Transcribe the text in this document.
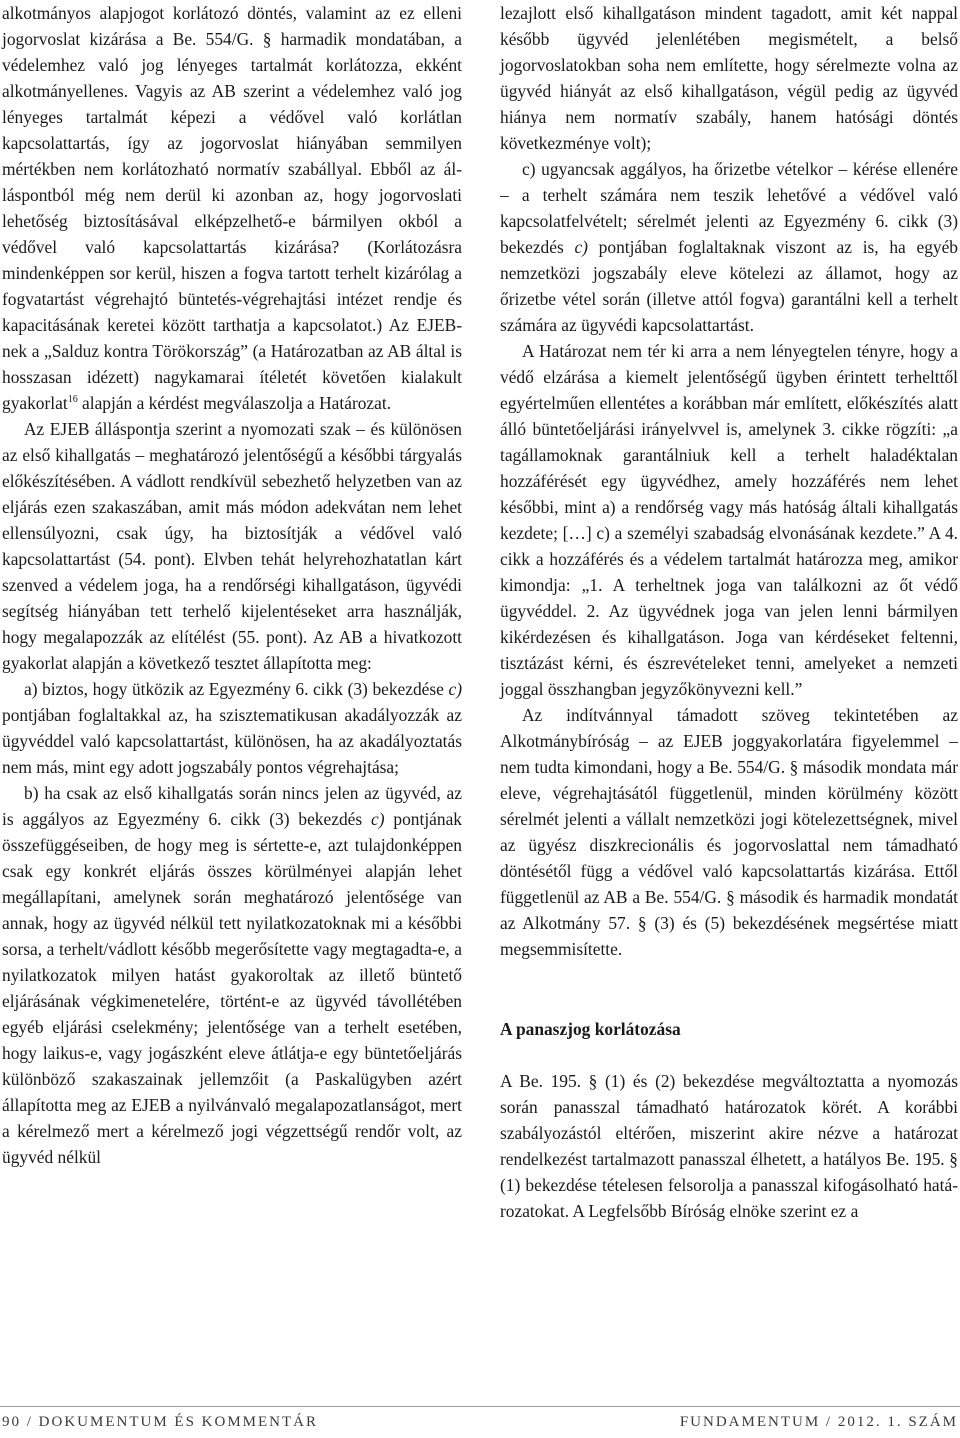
alkotmányos alapjogot korlátozó döntés, valamint az ez elleni jogorvoslat kizárása a Be. 554/G. § harmadik mondatában, a védelemhez való jog lényeges tartalmát korlátozza, ekként alkotmányellenes. Vagyis az AB szerint a védelemhez való jog lényeges tartalmát képezi a védővel való korlátlan kapcsolattartás, így az jogorvoslat hiányában semmilyen mértékben nem korlátozható normatív szabállyal. Ebből az álláspontból még nem derül ki azonban az, hogy jogorvoslati lehetőség biztosításával elképzelhető-e bármilyen okból a védővel való kapcsolattartás kizárása? (Korlátozásra mindenképpen sor kerül, hiszen a fogva tartott terhelt kizárólag a fogvatartást végrehajtó büntetés-végrehajtási intézet rendje és kapacitásának keretei között tarthatja a kapcsolatot.) Az EJEB-nek a „Salduz kontra Törökország” (a Határozatban az AB által is hosszasan idézett) nagykamarai ítéletét követően kialakult gyakorlat$^{16}$ alapján a kérdést megválaszolja a Határozat.

Az EJEB álláspontja szerint a nyomozati szak – és különösen az első kihallgatás – meghatározó jelentőségű a későbbi tárgyalás előkészítésében. A vádlott rendkívül sebezhető helyzetben van az eljárás ezen szakaszában, amit más módon adekvátan nem lehet ellensúlyozni, csak úgy, ha biztosítják a védővel való kapcsolattartást (54. pont). Elvben tehát helyrehozhatatlan kárt szenved a védelem joga, ha a rendőrségi kihallgatáson, ügyvédi segítség hiányában tett terhelő kijelentéseket arra használják, hogy megalapozzák az elítélést (55. pont). Az AB a hivatkozott gyakorlat alapján a következő tesztet állapította meg:

a) biztos, hogy ütközik az Egyezmény 6. cikk (3) bekezdése c) pontjában foglaltakkal az, ha szisztematikusan akadályozzák az ügyvéddel való kapcsolattartást, különösen, ha az akadályoztatás nem más, mint egy adott jogszabály pontos végrehajtása;

b) ha csak az első kihallgatás során nincs jelen az ügyvéd, az is aggályos az Egyezmény 6. cikk (3) bekezdés c) pontjának összefüggéseiben, de hogy meg is sértette-e, azt tulajdonképpen csak egy konkrét eljárás összes körülményei alapján lehet megállapítani, amelynek során meghatározó jelentősége van annak, hogy az ügyvéd nélkül tett nyilatkozatoknak mi a későbbi sorsa, a terhelt/vádlott később megerősítette vagy megtagadta-e, a nyilatkozatok milyen hatást gyakoroltak az illető büntető eljárásának végkimenetelére, történt-e az ügyvéd távollétében egyéb eljárási cselekmény; jelentősége van a terhelt esetében, hogy laikus-e, vagy jogászként eleve átlátja-e egy büntetőeljárás különböző szakaszainak jellemzőit (a Paskalügyben azért állapította meg az EJEB a nyilvánvaló megalapozatlanságot, mert a kérelmező mert a kérelmező jogi végzettségű rendőr volt, az ügyvéd nélkül

lezajlott első kihallgatáson mindent tagadott, amit két nappal később ügyvéd jelenlétében megismételt, a belső jogorvoslatokban soha nem említette, hogy sérelmezte volna az ügyvéd hiányát az első kihallgatáson, végül pedig az ügyvéd hiánya nem normatív szabály, hanem hatósági döntés következménye volt);

c) ugyancsak aggályos, ha őrizetbe vételkor – kérése ellenére – a terhelt számára nem teszik lehetővé a védővel való kapcsolatfelvételt; sérelmét jelenti az Egyezmény 6. cikk (3) bekezdés c) pontjában foglaltaknak viszont az is, ha egyéb nemzetközi jogszabály eleve kötelezi az államot, hogy az őrizetbe vétel során (illetve attól fogva) garantálni kell a terhelt számára az ügyvédi kapcsolattartást.

A Határozat nem tér ki arra a nem lényegtelen tényre, hogy a védő elzárása a kiemelt jelentőségű ügyben érintett terhelttől egyértelműen ellentétes a korábban már említett, előkészítés alatt álló büntetőeljárási irányelvvel is, amelynek 3. cikke rögzíti: „a tagállamoknak garantálniuk kell a terhelt haladéktalan hozzáférését egy ügyvédhez, amely hozzáférés nem lehet későbbi, mint a) a rendőrség vagy más hatóság általi kihallgatás kezdete; […] c) a személyi szabadság elvonásának kezdete.” A 4. cikk a hozzáférés és a védelem tartalmát határozza meg, amikor kimondja: „1. A terheltnek joga van találkozni az őt védő ügyvéddel. 2. Az ügyvédnek joga van jelen lenni bármilyen kikérdezésen és kihallgatáson. Joga van kérdéseket feltenni, tisztázást kérni, és észrevételeket tenni, amelyeket a nemzeti joggal összhangban jegyzőkönyvezni kell.”

Az indítvánnyal támadott szöveg tekintetében az Alkotmánybíróság – az EJEB joggyakorlatára figyelemmel – nem tudta kimondani, hogy a Be. 554/G. § második mondata már eleve, végrehajtásától függetlenül, minden körülmény között sérelmét jelenti a vállalt nemzetközi jogi kötelezettségnek, mivel az ügyész diszkrecionális és jogorvoslattal nem támadható döntésétől függ a védővel való kapcsolattartás kizárása. Ettől függetlenül az AB a Be. 554/G. § második és harmadik mondatát az Alkotmány 57. § (3) és (5) bekezdésének megsértése miatt megsemmisítette.

A panaszjog korlátozása

A Be. 195. § (1) és (2) bekezdése megváltoztatta a nyomozás során panasszal támadható határozatok körét. A korábbi szabályozástól eltérően, miszerint akire nézve a határozat rendelkezést tartalmazott panasszal élhetett, a hatályos Be. 195. § (1) bekezdése tételesen felsorolja a panasszal kifogásolható határozatokat. A Legfelsőbb Bíróság elnöke szerint ez a

90 / DOKUMENTUM ÉS KOMMENTÁR	FUNDAMENTUM / 2012. 1. SZÁM
